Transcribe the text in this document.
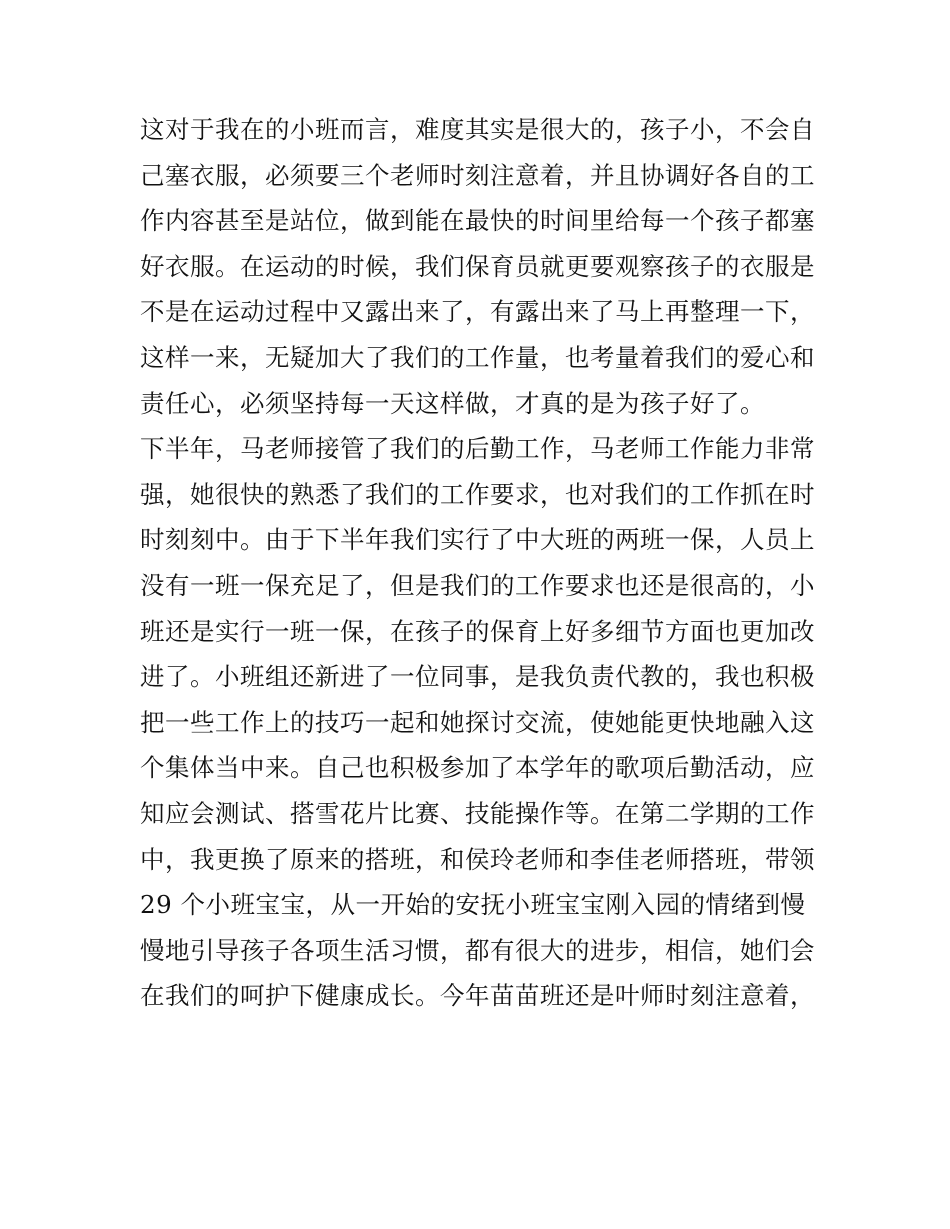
这对于我在的小班而言，难度其实是很大的，孩子小，不会自
己塞衣服，必须要三个老师时刻注意着，并且协调好各自的工
作内容甚至是站位，做到能在最快的时间里给每一个孩子都塞
好衣服。在运动的时候，我们保育员就更要观察孩子的衣服是
不是在运动过程中又露出来了，有露出来了马上再整理一下，
这样一来，无疑加大了我们的工作量，也考量着我们的爱心和
责任心，必须坚持每一天这样做，才真的是为孩子好了。
下半年，马老师接管了我们的后勤工作，马老师工作能力非常
强，她很快的熟悉了我们的工作要求，也对我们的工作抓在时
时刻刻中。由于下半年我们实行了中大班的两班一保，人员上
没有一班一保充足了，但是我们的工作要求也还是很高的，小
班还是实行一班一保，在孩子的保育上好多细节方面也更加改
进了。小班组还新进了一位同事，是我负责代教的，我也积极
把一些工作上的技巧一起和她探讨交流，使她能更快地融入这
个集体当中来。自己也积极参加了本学年的歌项后勤活动，应
知应会测试、搭雪花片比赛、技能操作等。在第二学期的工作
中，我更换了原来的搭班，和侯玲老师和李佳老师搭班，带领
29 个小班宝宝，从一开始的安抚小班宝宝刚入园的情绪到慢
慢地引导孩子各项生活习惯，都有很大的进步，相信，她们会
在我们的呵护下健康成长。今年苗苗班还是叶师时刻注意着，
